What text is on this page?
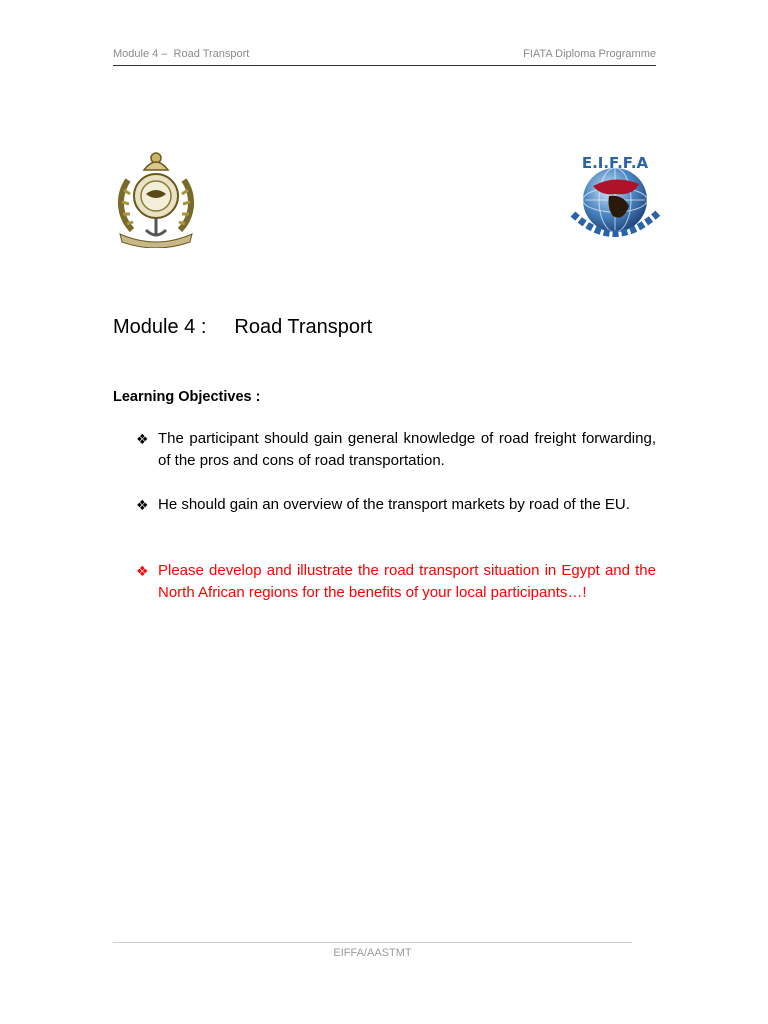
Module 4 –  Road Transport	FIATA Diploma Programme
E.I.F.F.A
Module 4 : Road Transport
Learning Objectives :
❖ The participant should gain general knowledge of road freight forwarding, of the pros and cons of road transportation.
❖ He should gain an overview of the transport markets by road of the EU.
❖ Please develop and illustrate the road transport situation in Egypt and the North African regions for the benefits of your local participants…!
EIFFA/AASTMT
